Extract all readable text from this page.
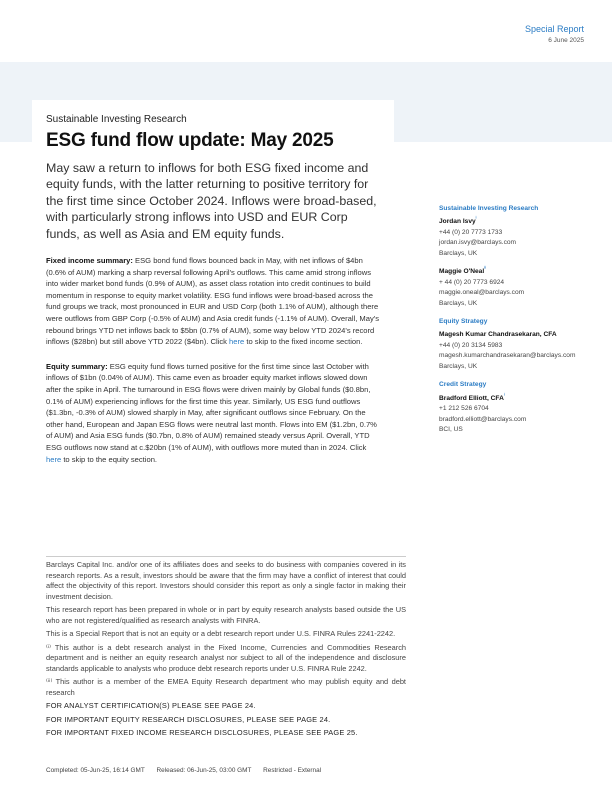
Special Report
6 June 2025
Sustainable Investing Research
ESG fund flow update: May 2025
May saw a return to inflows for both ESG fixed income and equity funds, with the latter returning to positive territory for the first time since October 2024. Inflows were broad-based, with particularly strong inflows into USD and EUR Corp funds, as well as Asia and EM equity funds.
Fixed income summary: ESG bond fund flows bounced back in May, with net inflows of $4bn (0.6% of AUM) marking a sharp reversal following April's outflows. This came amid strong inflows into wider market bond funds (0.9% of AUM), as asset class rotation into credit continues to build momentum in response to equity market volatility. ESG fund inflows were broad-based across the fund groups we track, most pronounced in EUR and USD Corp (both 1.1% of AUM), although there were outflows from GBP Corp (-0.5% of AUM) and Asia credit funds (-1.1% of AUM). Overall, May's rebound brings YTD net inflows back to $5bn (0.7% of AUM), some way below YTD 2024's record inflows ($28bn) but still above YTD 2022 ($4bn). Click here to skip to the fixed income section.
Equity summary: ESG equity fund flows turned positive for the first time since last October with inflows of $1bn (0.04% of AUM). This came even as broader equity market inflows slowed down after the spike in April. The turnaround in ESG flows were driven mainly by Global funds ($0.8bn, 0.1% of AUM) experiencing inflows for the first time this year. Similarly, US ESG fund outflows ($1.3bn, -0.3% of AUM) slowed sharply in May, after significant outflows since February. On the other hand, European and Japan ESG flows were neutral last month. Flows into EM ($1.2bn, 0.7% of AUM) and Asia ESG funds ($0.7bn, 0.8% of AUM) remained steady versus April. Overall, YTD ESG outflows now stand at c.$20bn (1% of AUM), with outflows more muted than in 2024. Click here to skip to the equity section.
Sustainable Investing Research
Jordan Isvy$^{^i}$
+44 (0) 20 7773 1733
jordan.isvy@barclays.com
Barclays, UK
Maggie O'Neal$^{^{ii}}$
+ 44 (0) 20 7773 6924
maggie.oneal@barclays.com
Barclays, UK
Equity Strategy
Magesh Kumar Chandrasekaran, CFA
+44 (0) 20 3134 5983
magesh.kumarchandrasekaran@barclays.com
Barclays, UK
Credit Strategy
Bradford Elliott, $CFA^{^i}$
+1 212 526 6704
bradford.elliott@barclays.com
BCI, US

Barclays Capital Inc. and/or one of its affiliates does and seeks to do business with companies covered in its research reports. As a result, investors should be aware that the firm may have a conflict of interest that could affect the objectivity of this report. Investors should consider this report as only a single factor in making their investment decision.

This research report has been prepared in whole or in part by equity research analysts based outside the US who are not registered/qualified as research analysts with FINRA.

This is a Special Report that is not an equity or a debt research report under U.S. FINRA Rules 2241-2242.

⁽ⁱ⁾ This author is a debt research analyst in the Fixed Income, Currencies and Commodities Research department and is neither an equity research analyst nor subject to all of the independence and disclosure standards applicable to analysts who produce debt research reports under U.S. FINRA Rule 2242.

⁽ⁱⁱ⁾ This author is a member of the EMEA Equity Research department who may publish equity and debt research

FOR ANALYST CERTIFICATION(S) PLEASE SEE PAGE 24.

FOR IMPORTANT EQUITY RESEARCH DISCLOSURES, PLEASE SEE PAGE 24.

FOR IMPORTANT FIXED INCOME RESEARCH DISCLOSURES, PLEASE SEE PAGE 25.

Completed: 05-Jun-25, 16:14 GMT Released: 06-Jun-25, 03:00 GMT Restricted - External
